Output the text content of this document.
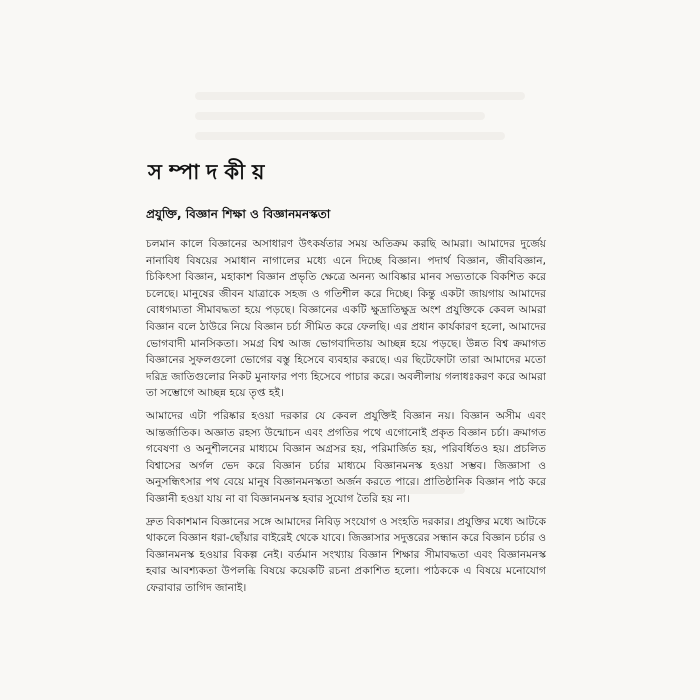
সম্পাদকীয়
প্রযুক্তি, বিজ্ঞান শিক্ষা ও বিজ্ঞানমনস্কতা

চলমান কালে বিজ্ঞানের অসাধারণ উৎকর্ষতার সময় অতিক্রম করছি আমরা। আমাদের দুর্জেয় নানাবিধ বিষয়ের সমাধান নাগালের মধ্যে এনে দিচ্ছে বিজ্ঞান। পদার্থ বিজ্ঞান, জীববিজ্ঞান, চিকিৎসা বিজ্ঞান, মহাকাশ বিজ্ঞান প্রভৃতি ক্ষেত্রে অনন্য আবিষ্কার মানব সভ্যতাকে বিকশিত করে চলেছে। মানুষের জীবন যাত্রাকে সহজ ও গতিশীল করে দিচ্ছে। কিন্তু একটা জায়গায় আমাদের বোধগম্যতা সীমাবদ্ধতা হয়ে পড়ছে। বিজ্ঞানের একটি ক্ষুদ্রাতিক্ষুদ্র অংশ প্রযুক্তিকে কেবল আমরা বিজ্ঞান বলে ঠাউরে নিয়ে বিজ্ঞান চর্চা সীমিত করে ফেলছি। এর প্রধান কার্যকারণ হলো, আমাদের ভোগবাদী মানসিকতা। সমগ্র বিশ্ব আজ ভোগবাদিতায় আচ্ছন্ন হয়ে পড়ছে। উন্নত বিশ্ব ক্রমাগত বিজ্ঞানের সুফলগুলো ভোগের বস্তু হিসেবে ব্যবহার করছে। এর ছিটেফোটা তারা আমাদের মতো দরিদ্র জাতিগুলোর নিকট মুনাফার পণ্য হিসেবে পাচার করে। অবলীলায় গলাধঃকরণ করে আমরা তা সম্ভোগে আচ্ছন্ন হয়ে তৃপ্ত হই।

আমাদের এটা পরিষ্কার হওয়া দরকার যে কেবল প্রযুক্তিই বিজ্ঞান নয়। বিজ্ঞান অসীম এবং আন্তর্জাতিক। অজ্ঞাত রহস্য উন্মোচন এবং প্রগতির পথে এগোনোই প্রকৃত বিজ্ঞান চর্চা। ক্রমাগত গবেষণা ও অনুশীলনের মাধ্যমে বিজ্ঞান অগ্রসর হয়, পরিমার্জিত হয়, পরিবর্ধিতও হয়। প্রচলিত বিশ্বাসের অর্গল ভেদ করে বিজ্ঞান চর্চার মাধ্যমে বিজ্ঞানমনস্ক হওয়া সম্ভব। জিজ্ঞাসা ও অনুসন্ধিৎসার পথ বেয়ে মানুষ বিজ্ঞানমনস্কতা অর্জন করতে পারে। প্রাতিষ্ঠানিক বিজ্ঞান পাঠ করে বিজ্ঞানী হওয়া যায় না বা বিজ্ঞানমনস্ক হবার সুযোগ তৈরি হয় না।

দ্রুত বিকাশমান বিজ্ঞানের সঙ্গে আমাদের নিবিড় সংযোগ ও সংহতি দরকার। প্রযুক্তির মধ্যে আটকে থাকলে বিজ্ঞান ধরা-ছোঁয়ার বাইরেই থেকে যাবে। জিজ্ঞাসার সদুত্তরের সন্ধান করে বিজ্ঞান চর্চার ও বিজ্ঞানমনস্ক হওয়ার বিকল্প নেই। বর্তমান সংখ্যায় বিজ্ঞান শিক্ষার সীমাবদ্ধতা এবং বিজ্ঞানমনস্ক হবার আবশ্যকতা উপলব্ধি বিষয়ে কয়েকটি রচনা প্রকাশিত হলো। পাঠককে এ বিষয়ে মনোযোগ ফেরাবার তাগিদ জানাই।
